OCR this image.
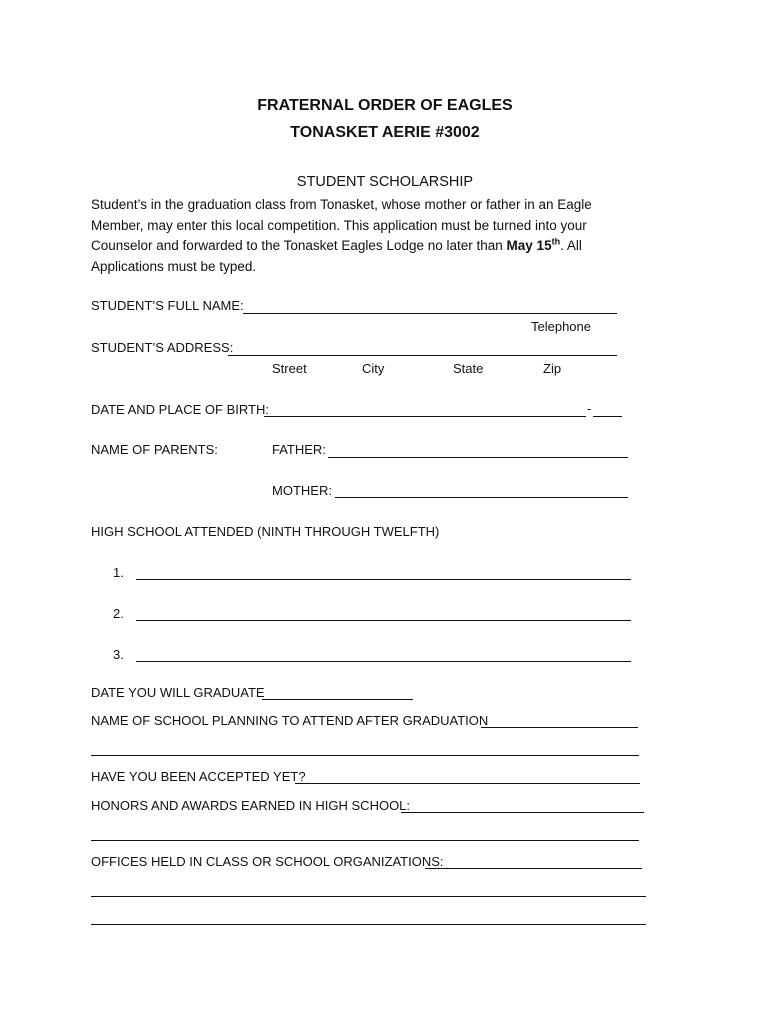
FRATERNAL ORDER OF EAGLES
TONASKET AERIE #3002
STUDENT SCHOLARSHIP
Student’s in the graduation class from Tonasket, whose mother or father in an Eagle Member, may enter this local competition. This application must be turned into your Counselor and forwarded to the Tonasket Eagles Lodge no later than May 15th. All Applications must be typed.
STUDENT’S FULL NAME:
Telephone
STUDENT’S ADDRESS:
Street	City	State	Zip
DATE AND PLACE OF BIRTH:	-
NAME OF PARENTS:	FATHER:
MOTHER:
HIGH SCHOOL ATTENDED (NINTH THROUGH TWELFTH)
1.
2.
3.
DATE YOU WILL GRADUATE
NAME OF SCHOOL PLANNING TO ATTEND AFTER GRADUATION
HAVE YOU BEEN ACCEPTED YET?
HONORS AND AWARDS EARNED IN HIGH SCHOOL:
OFFICES HELD IN CLASS OR SCHOOL ORGANIZATIONS:
